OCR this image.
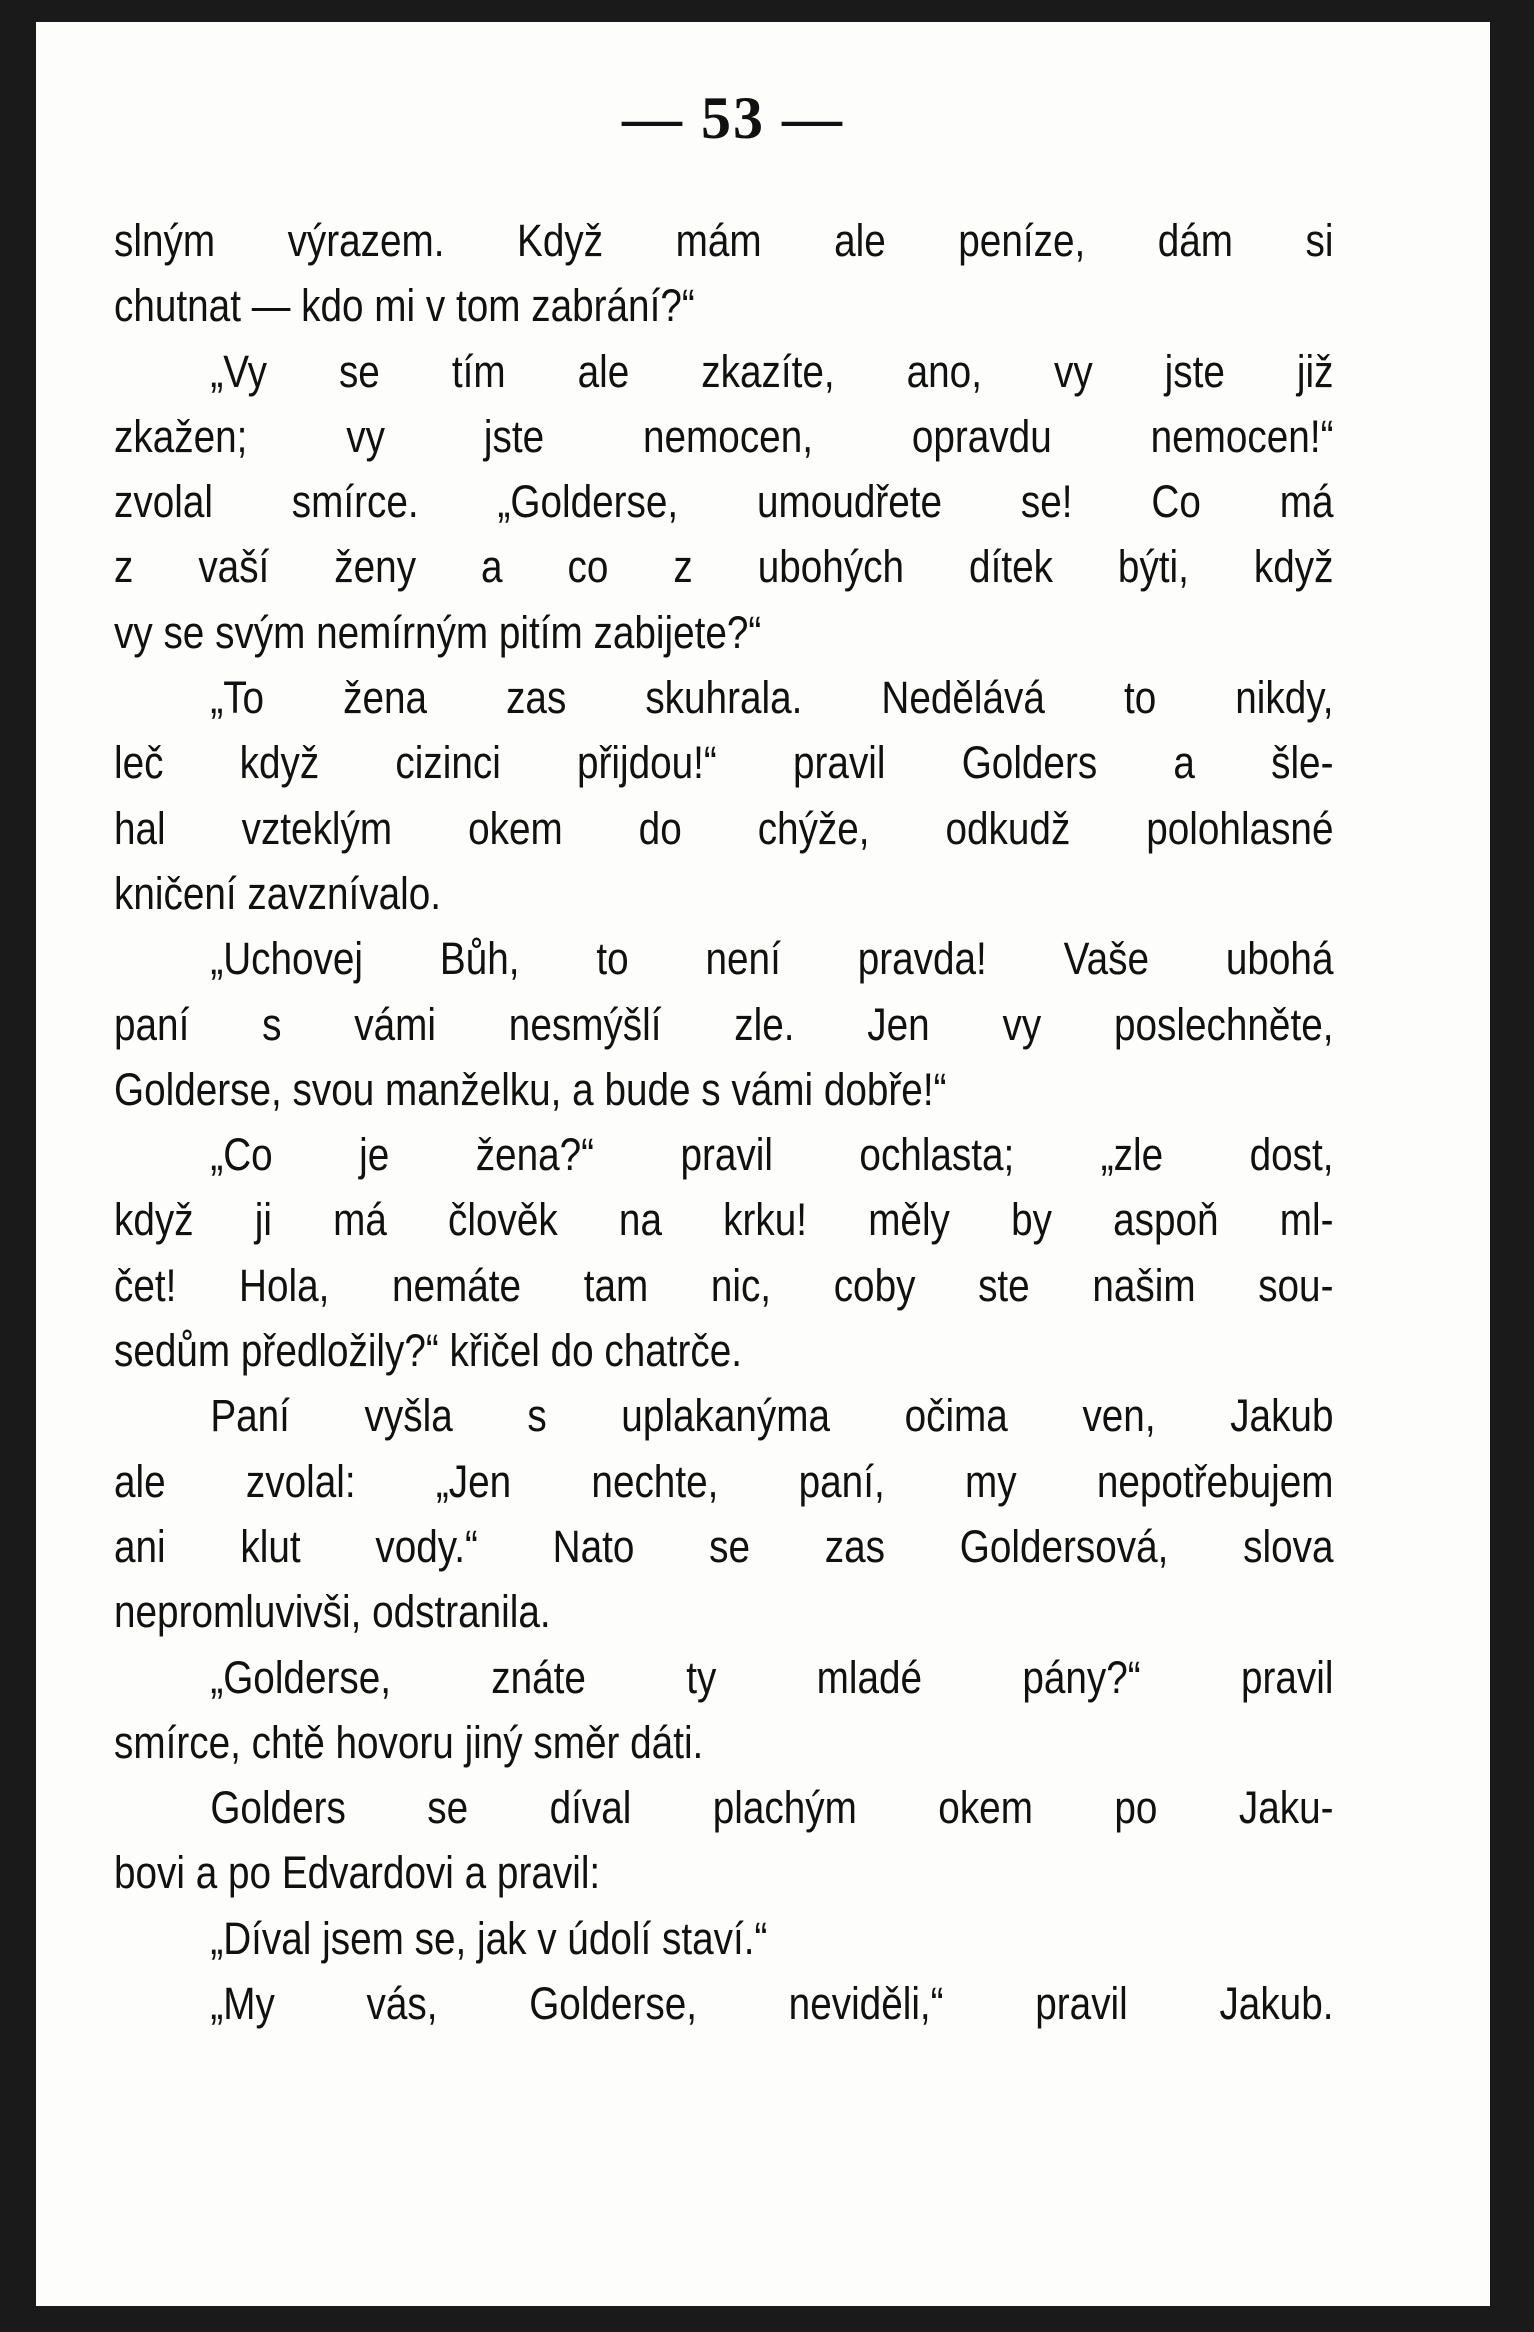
— 53 —
slným výrazem. Když mám ale peníze, dám si
chutnat — kdo mi v tom zabrání?“
„Vy se tím ale zkazíte, ano, vy jste již
zkažen; vy jste nemocen, opravdu nemocen!“
zvolal smírce. „Golderse, umoudřete se! Co má
z vaší ženy a co z ubohých dítek býti, když
vy se svým nemírným pitím zabijete?“
„To žena zas skuhrala. Nedělává to nikdy,
leč když cizinci přijdou!“ pravil Golders a šle-
hal vzteklým okem do chýže, odkudž polohlasné
kničení zavznívalo.
„Uchovej Bůh, to není pravda! Vaše ubohá
paní s vámi nesmýšlí zle. Jen vy poslechněte,
Golderse, svou manželku, a bude s vámi dobře!“
„Co je žena?“ pravil ochlasta; „zle dost,
když ji má člověk na krku! měly by aspoň ml-
čet! Hola, nemáte tam nic, coby ste našim sou-
sedům předložily?“ křičel do chatrče.
Paní vyšla s uplakanýma očima ven, Jakub
ale zvolal: „Jen nechte, paní, my nepotřebujem
ani klut vody.“ Nato se zas Goldersová, slova
nepromluvivši, odstranila.
„Golderse, znáte ty mladé pány?“ pravil
smírce, chtě hovoru jiný směr dáti.
Golders se díval plachým okem po Jaku-
bovi a po Edvardovi a pravil:
„Díval jsem se, jak v údolí staví.“
„My vás, Golderse, neviděli,“ pravil Jakub.
